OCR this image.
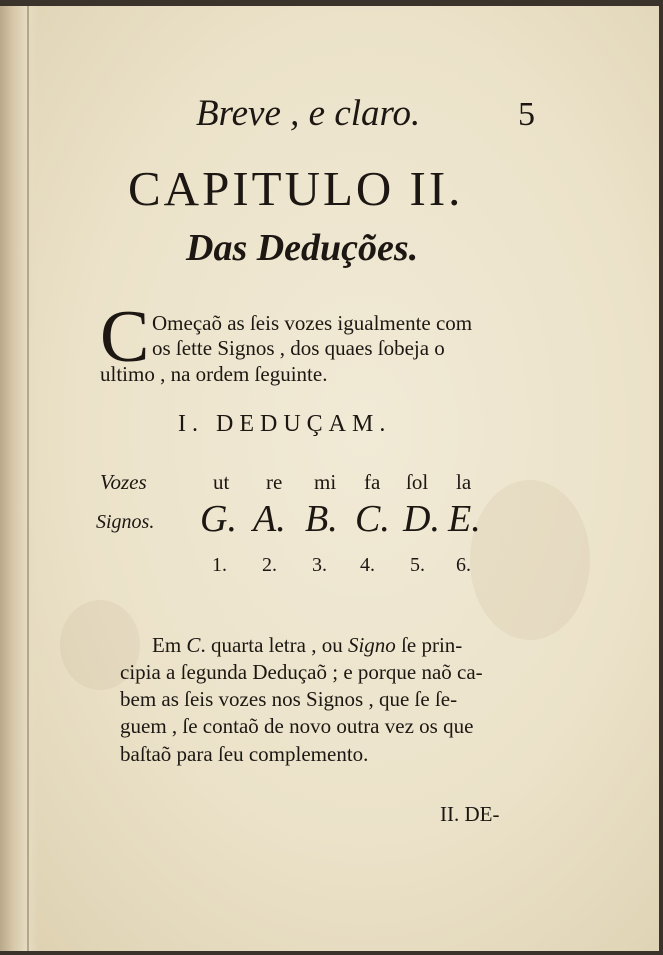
Breve , e claro.	5
CAPITULO II.
Das Deduções.
C Omeçaõ as ſeis vozes igualmente com
os ſette Signos , dos quaes ſobeja o
ultimo , na ordem ſeguinte.
I. DEDUÇAM.
Vozes	ut re mi fa ſol la
Signos. G. A. B. C. D. E.
1. 2. 3. 4. 5. 6.
Em C. quarta letra , ou Signo ſe prin-
cipia a ſegunda Deduçaõ ; e porque naõ ca-
bem as ſeis vozes nos Signos , que ſe ſe-
guem , ſe contaõ de novo outra vez os que
baſtaõ para ſeu complemento.
II. DE-
